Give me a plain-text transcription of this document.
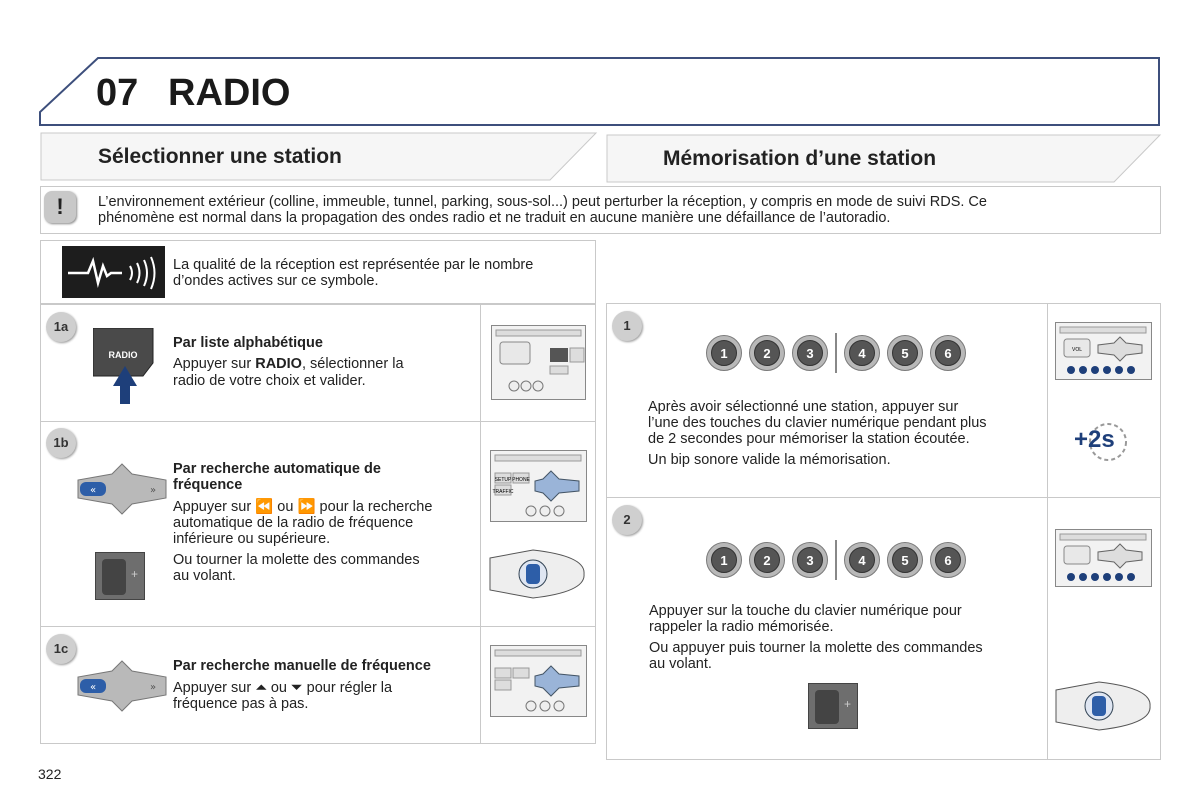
07 RADIO
Sélectionner une station	Mémorisation d’une station
! L’environnement extérieur (colline, immeuble, tunnel, parking, sous-sol...) peut perturber la réception, y compris en mode de suivi RDS. Ce
phénomène est normal dans la propagation des ondes radio et ne traduit en aucune manière une défaillance de l’autoradio.
La qualité de la réception est représentée par le nombre
d’ondes actives sur ce symbole.
1a
RADIO
Par liste alphabétique
Appuyer sur RADIO, sélectionner la
radio de votre choix et valider.
1b
«	»
+
Par recherche automatique de
fréquence
Appuyer sur ⏪ ou ⏩ pour la recherche
automatique de la radio de fréquence
inférieure ou supérieure.
Ou tourner la molette des commandes
au volant.
SETUP PHONE
TRAFFIC
1c
«	»
Par recherche manuelle de fréquence
Appuyer sur ⏶ ou ⏷ pour régler la
fréquence pas à pas.
1
1	2	3	4	5	6
Après avoir sélectionné une station, appuyer sur
l’une des touches du clavier numérique pendant plus
de 2 secondes pour mémoriser la station écoutée.
Un bip sonore valide la mémorisation.
VOL
+2s
2
1	2	3	4	5	6
Appuyer sur la touche du clavier numérique pour
rappeler la radio mémorisée.
Ou appuyer puis tourner la molette des commandes
au volant.
+
322
